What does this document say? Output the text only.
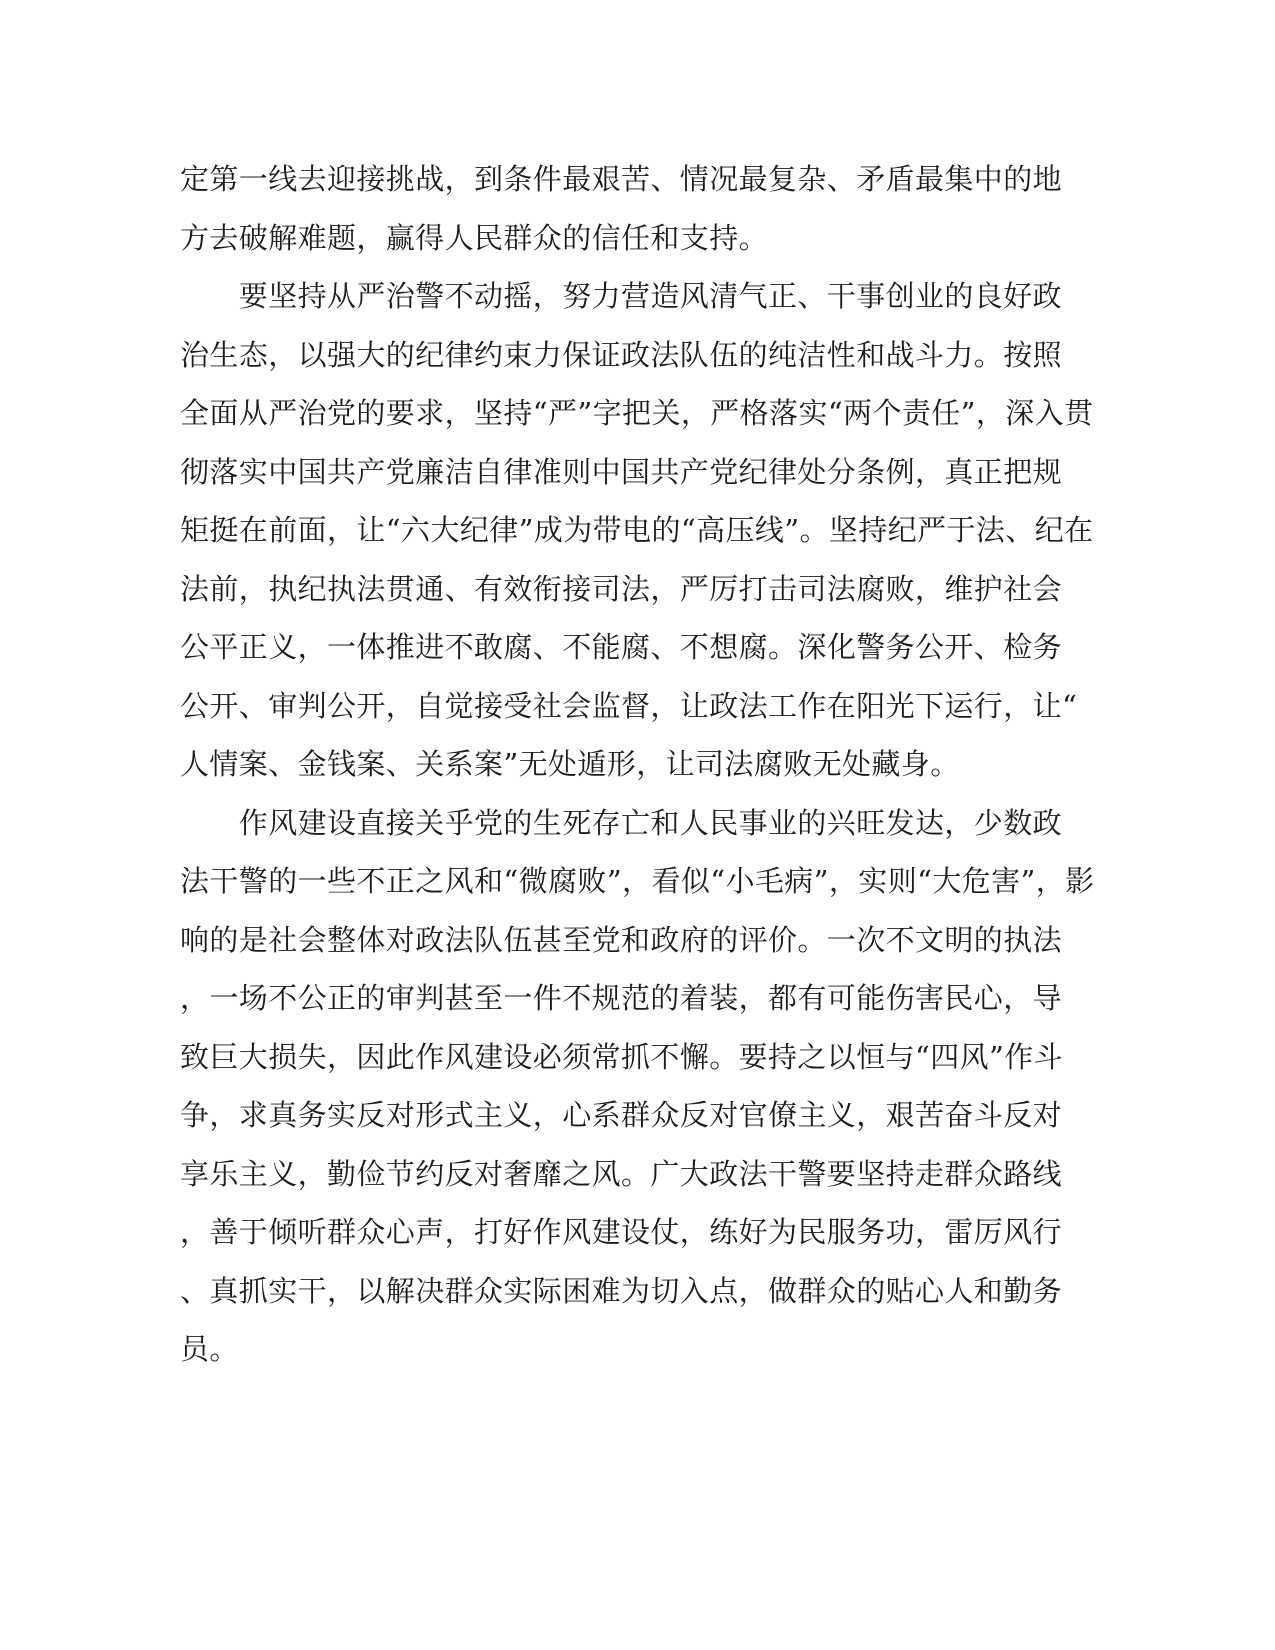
定第一线去迎接挑战，到条件最艰苦、情况最复杂、矛盾最集中的地
方去破解难题，赢得人民群众的信任和支持。
　　要坚持从严治警不动摇，努力营造风清气正、干事创业的良好政
治生态，以强大的纪律约束力保证政法队伍的纯洁性和战斗力。按照
全面从严治党的要求，坚持“严”字把关，严格落实“两个责任”，深入贯
彻落实中国共产党廉洁自律准则中国共产党纪律处分条例，真正把规
矩挺在前面，让“六大纪律”成为带电的“高压线”。坚持纪严于法、纪在
法前，执纪执法贯通、有效衔接司法，严厉打击司法腐败，维护社会
公平正义，一体推进不敢腐、不能腐、不想腐。深化警务公开、检务
公开、审判公开，自觉接受社会监督，让政法工作在阳光下运行，让“
人情案、金钱案、关系案”无处遁形，让司法腐败无处藏身。
　　作风建设直接关乎党的生死存亡和人民事业的兴旺发达，少数政
法干警的一些不正之风和“微腐败”，看似“小毛病”，实则“大危害”，影
响的是社会整体对政法队伍甚至党和政府的评价。一次不文明的执法
，一场不公正的审判甚至一件不规范的着装，都有可能伤害民心，导
致巨大损失，因此作风建设必须常抓不懈。要持之以恒与“四风”作斗
争，求真务实反对形式主义，心系群众反对官僚主义，艰苦奋斗反对
享乐主义，勤俭节约反对奢靡之风。广大政法干警要坚持走群众路线
，善于倾听群众心声，打好作风建设仗，练好为民服务功，雷厉风行
、真抓实干，以解决群众实际困难为切入点，做群众的贴心人和勤务
员。
